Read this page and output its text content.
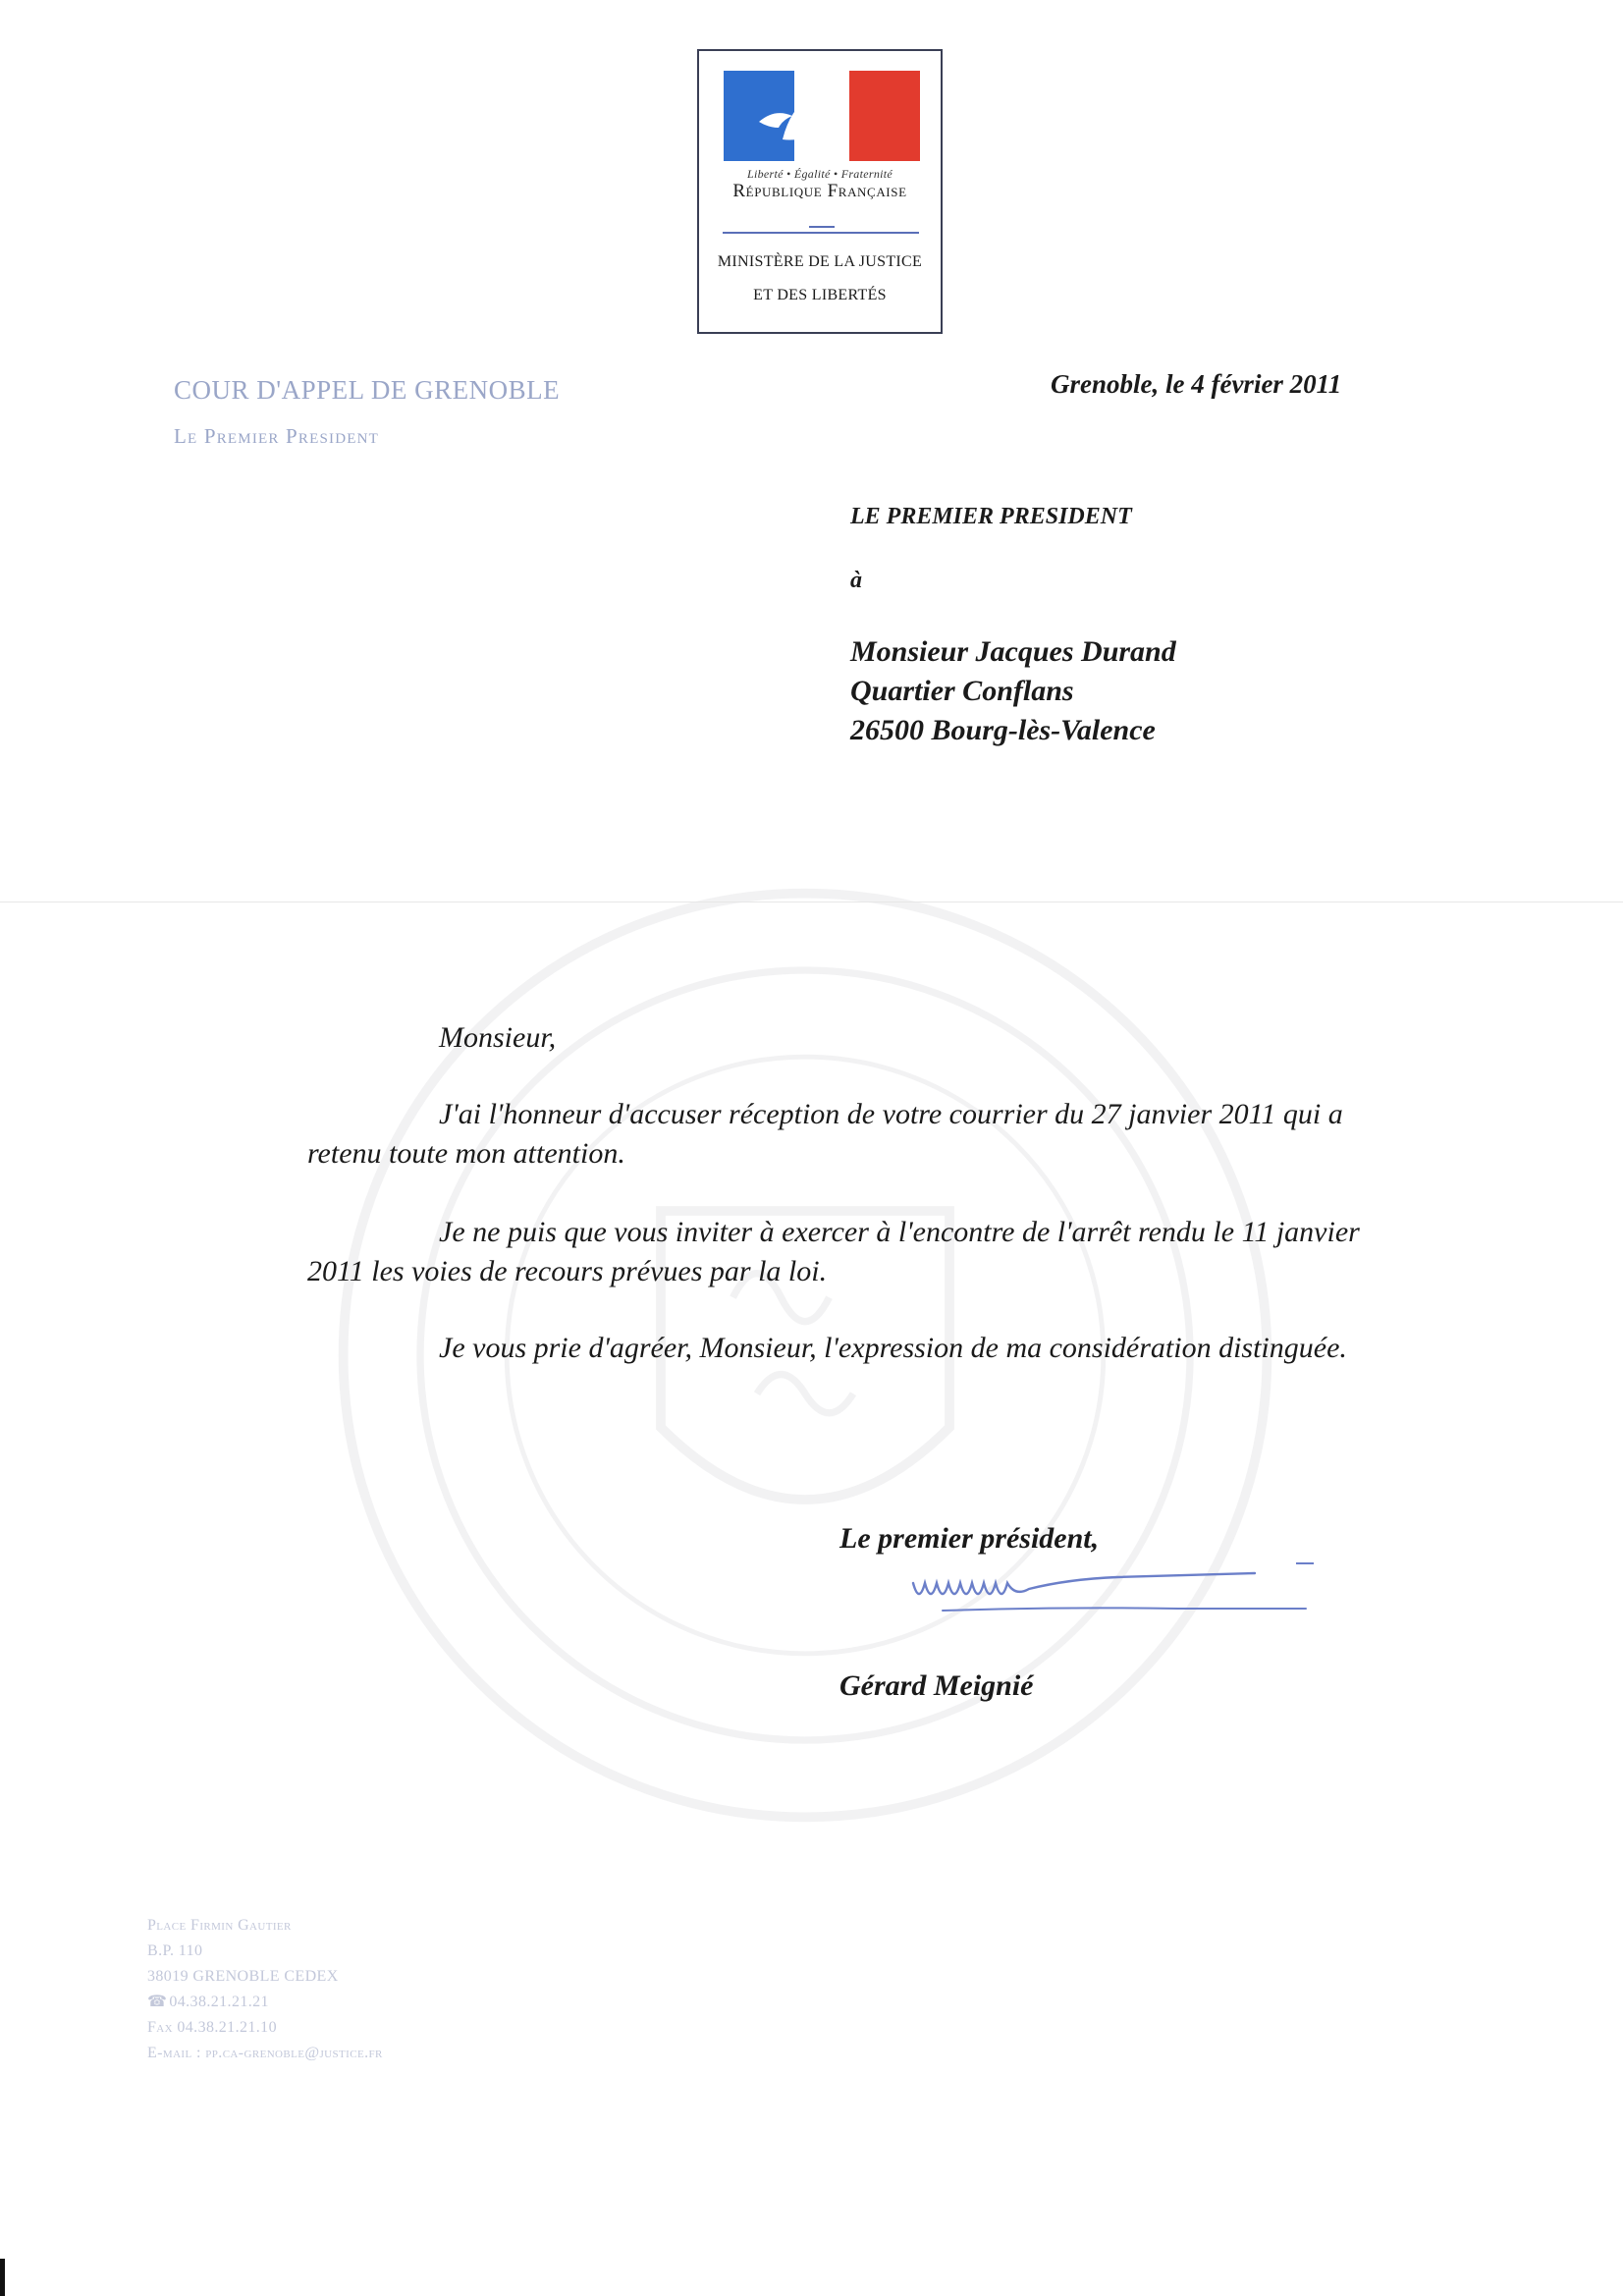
Liberté • Égalité • Fraternité
République Française
MINISTÈRE DE LA JUSTICE
ET DES LIBERTÉS
COUR D'APPEL DE GRENOBLE
Le Premier President
Grenoble, le 4 février 2011
LE PREMIER PRESIDENT
à
Monsieur Jacques Durand
Quartier Conflans
26500 Bourg-lès-Valence
Monsieur,
J'ai l'honneur d'accuser réception de votre courrier du 27 janvier 2011 qui a
retenu toute mon attention.
Je ne puis que vous inviter à exercer à l'encontre de l'arrêt rendu le 11 janvier
2011 les voies de recours prévues par la loi.
Je vous prie d'agréer, Monsieur, l'expression de ma considération distinguée.
Le premier président,
Gérard Meignié
Place Firmin Gautier
B.P. 110
38019 GRENOBLE CEDEX
☎ 04.38.21.21.21
Fax 04.38.21.21.10
E-mail : pp.ca-grenoble@justice.fr
